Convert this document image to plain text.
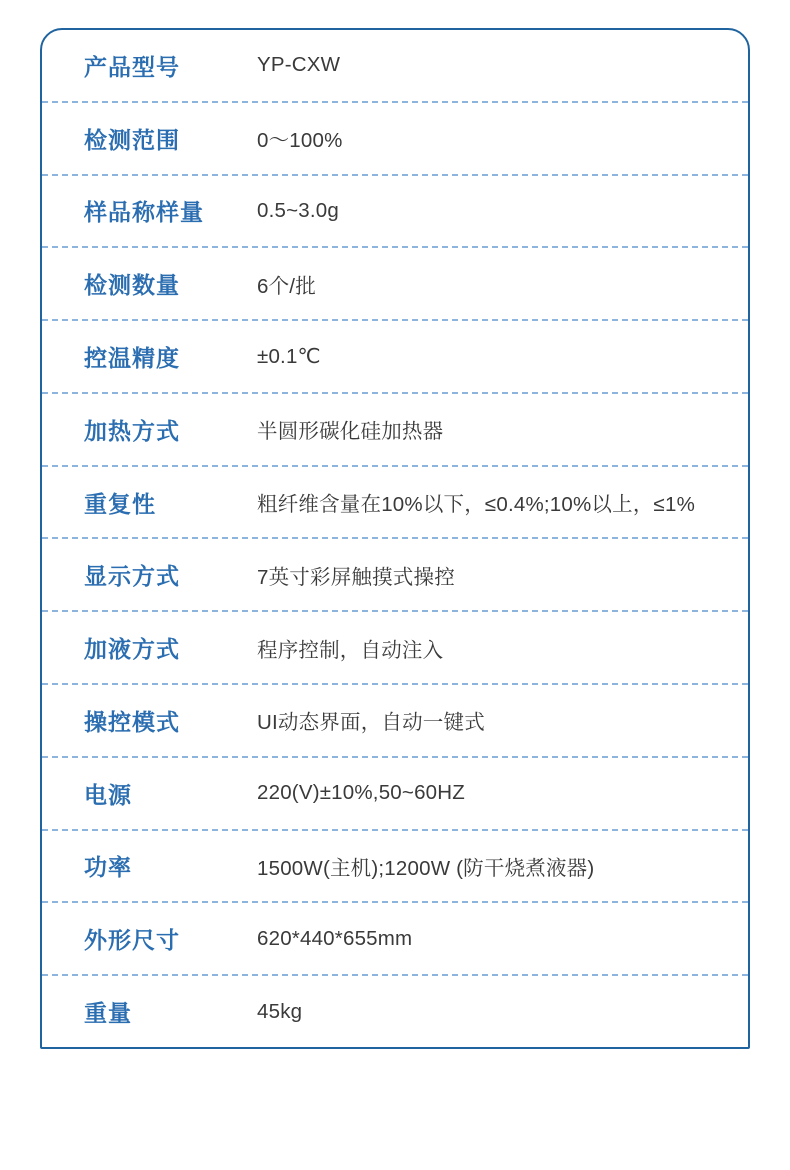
产品型号	YP-CXW
检测范围	0〜100%
样品称样量	0.5~3.0g
检测数量	6个/批
控温精度	±0.1℃
加热方式	半圆形碳化硅加热器
重复性	粗纤维含量在10%以下，≤0.4%;10%以上，≤1%
显示方式	7英寸彩屏触摸式操控
加液方式	程序控制，自动注入
操控模式	UI动态界面，自动一键式
电源	220(V)±10%,50~60HZ
功率	1500W(主机);1200W (防干烧煮液器)
外形尺寸	620*440*655mm
重量	45kg
